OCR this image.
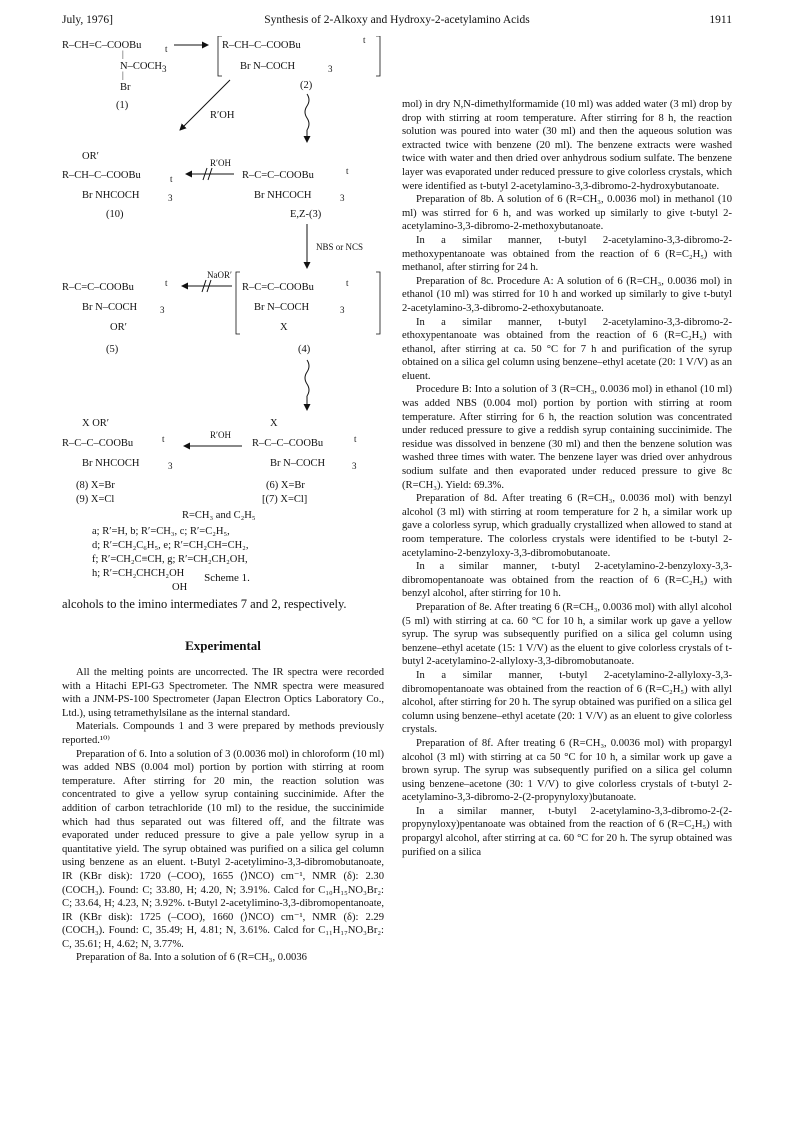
July, 1976]	Synthesis of 2-Alkoxy and Hydroxy-2-acetylamino Acids	1911
R–CH=C–COOBu	t
|
N–COCH 3
|
Br
(1)
R–CH–C–COOBu	t
Br N–COCH	3
(2)
R′OH
OR′
R–CH–C–COOBu	t
Br NHCOCH	3
(10)
R′OH
R–C=C–COOBu	t
Br NHCOCH	3
E,Z-(3)
NBS or NCS
R–C=C–COOBu	t
Br N–COCH	3
OR′
(5)
NaOR′
R–C=C–COOBu	t
Br N–COCH	3
X
(4)
X OR′
R–C–C–COOBu	t
Br NHCOCH	3
(8) X=Br
(9) X=Cl
R′OH
X
R–C–C–COOBu	t
Br N–COCH	3
(6) X=Br
[(7) X=Cl]
R=CH₃ and C₂H₅
a; R′=H, b; R′=CH₃, c; R′=C₂H₅,
d; R′=CH₂C₆H₅, e; R′=CH₂CH=CH₂,
f; R′=CH₂C≡CH, g; R′=CH₂CH₂OH,
h; R′=CH₂CHCH₂OH
OH
Scheme 1.

alcohols to the imino intermediates 7 and 2, respectively.

Experimental

All the melting points are uncorrected. The IR spectra were recorded with a Hitachi EPI-G3 Spectrometer. The NMR spectra were measured with a JNM-PS-100 Spectrometer (Japan Electron Optics Laboratory Co., Ltd.), using tetramethylsilane as the internal standard.

Materials. Compounds 1 and 3 were prepared by methods previously reported.¹⁰⁾

Preparation of 6. Into a solution of 3 (0.0036 mol) in chloroform (10 ml) was added NBS (0.004 mol) portion by portion with stirring at room temperature. After stirring for 20 min, the reaction solution was concentrated to give a yellow syrup containing succinimide. After the addition of carbon tetrachloride (10 ml) to the residue, the succinimide which had thus separated out was filtered off, and the filtrate was evaporated under reduced pressure to give a pale yellow syrup in a quantitative yield. The syrup obtained was purified on a silica gel column using benzene as an eluent. t-Butyl 2-acetylimino-3,3-dibromobutanoate, IR (KBr disk): 1720 (–COO), 1655 (⟩NCO) cm⁻¹, NMR (δ): 2.30 (COCH₃). Found: C; 33.80, H; 4.20, N; 3.91%. Calcd for C₁₀H₁₅NO₃Br₂: C; 33.64, H; 4.23, N; 3.92%. t-Butyl 2-acetylimino-3,3-dibromopentanoate, IR (KBr disk): 1725 (–COO), 1660 (⟩NCO) cm⁻¹, NMR (δ): 2.29 (COCH₃). Found: C, 35.49; H, 4.81; N, 3.61%. Calcd for C₁₁H₁₇NO₃Br₂: C, 35.61; H, 4.62; N, 3.77%.

Preparation of 8a. Into a solution of 6 (R=CH₃, 0.0036

mol) in dry N,N-dimethylformamide (10 ml) was added water (3 ml) drop by drop with stirring at room temperature. After stirring for 8 h, the reaction solution was poured into water (30 ml) and then the aqueous solution was extracted twice with benzene (20 ml). The benzene extracts were washed twice with water and then dried over anhydrous sodium sulfate. The benzene layer was evaporated under reduced pressure to give colorless crystals, which were identified as t-butyl 2-acetylamino-3,3-dibromo-2-hydroxybutanoate.

Preparation of 8b. A solution of 6 (R=CH₃, 0.0036 mol) in methanol (10 ml) was stirred for 6 h, and was worked up similarly to give t-butyl 2-acetylamino-3,3-dibromo-2-methoxybutanoate.

In a similar manner, t-butyl 2-acetylamino-3,3-dibromo-2-methoxypentanoate was obtained from the reaction of 6 (R=C₂H₅) with methanol, after stirring for 24 h.

Preparation of 8c. Procedure A: A solution of 6 (R=CH₃, 0.0036 mol) in ethanol (10 ml) was stirred for 10 h and worked up similarly to give t-butyl 2-acetylamino-3,3-dibromo-2-ethoxybutanoate.

In a similar manner, t-butyl 2-acetylamino-3,3-dibromo-2-ethoxypentanoate was obtained from the reaction of 6 (R=C₂H₅) with ethanol, after stirring at ca. 50 °C for 7 h and purification of the syrup obtained on a silica gel column using benzene–ethyl acetate (20: 1 V/V) as an eluent.

Procedure B: Into a solution of 3 (R=CH₃, 0.0036 mol) in ethanol (10 ml) was added NBS (0.004 mol) portion by portion with stirring at room temperature. After stirring for 6 h, the reaction solution was concentrated under reduced pressure to give a reddish syrup containing succinimide. The residue was dissolved in benzene (30 ml) and then the benzene solution was washed three times with water. The benzene layer was dried over anhydrous sodium sulfate and then evaporated under reduced pressure to give 8c (R=CH₃). Yield: 69.3%.

Preparation of 8d. After treating 6 (R=CH₃, 0.0036 mol) with benzyl alcohol (3 ml) with stirring at room temperature for 2 h, a similar work up gave a colorless syrup, which gradually crystallized when allowed to stand at room temperature. The colorless crystals were identified to be t-butyl 2-acetylamino-2-benzyloxy-3,3-dibromobutanoate.

In a similar manner, t-butyl 2-acetylamino-2-benzyloxy-3,3-dibromopentanoate was obtained from the reaction of 6 (R=C₂H₅) with benzyl alcohol, after stirring for 10 h.

Preparation of 8e. After treating 6 (R=CH₃, 0.0036 mol) with allyl alcohol (5 ml) with stirring at ca. 60 °C for 10 h, a similar work up gave a yellow syrup. The syrup was subsequently purified on a silica gel column using benzene–ethyl acetate (15: 1 V/V) as the eluent to give colorless crystals of t-butyl 2-acetylamino-2-allyloxy-3,3-dibromobutanoate.

In a similar manner, t-butyl 2-acetylamino-2-allyloxy-3,3-dibromopentanoate was obtained from the reaction of 6 (R=C₂H₅) with allyl alcohol, after stirring for 20 h. The syrup obtained was purified on a silica gel column using benzene–ethyl acetate (20: 1 V/V) as an eluent to give colorless crystals.

Preparation of 8f. After treating 6 (R=CH₃, 0.0036 mol) with propargyl alcohol (3 ml) with stirring at ca 50 °C for 10 h, a similar work up gave a brown syrup. The syrup was subsequently purified on a silica gel column using benzene–acetone (30: 1 V/V) to give colorless crystals of t-butyl 2-acetylamino-3,3-dibromo-2-(2-propynyloxy)butanoate.

In a similar manner, t-butyl 2-acetylamino-3,3-dibromo-2-(2-propynyloxy)pentanoate was obtained from the reaction of 6 (R=C₂H₅) with propargyl alcohol, after stirring at ca. 60 °C for 20 h. The syrup obtained was purified on a silica
